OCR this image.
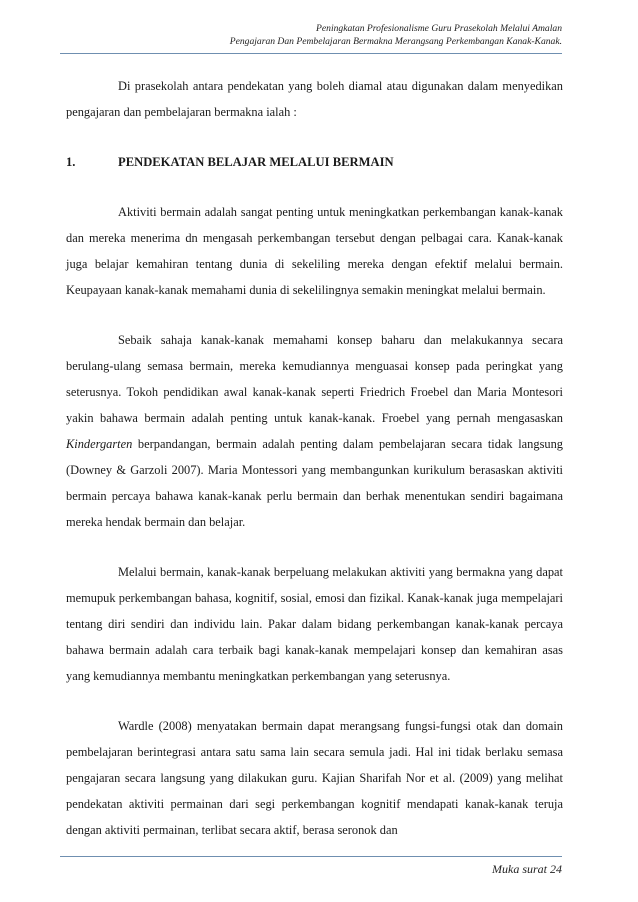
Peningkatan Profesionalisme Guru Prasekolah Melalui Amalan
Pengajaran Dan Pembelajaran Bermakna Merangsang Perkembangan Kanak-Kanak.

Di prasekolah antara pendekatan yang boleh diamal atau digunakan dalam menyedikan pengajaran dan pembelajaran bermakna ialah :

1.	PENDEKATAN BELAJAR MELALUI BERMAIN

Aktiviti bermain adalah sangat penting untuk meningkatkan perkembangan kanak-kanak dan mereka menerima dn mengasah perkembangan tersebut dengan pelbagai cara. Kanak-kanak juga belajar kemahiran tentang dunia di sekeliling mereka dengan efektif melalui bermain. Keupayaan kanak-kanak memahami dunia di sekelilingnya semakin meningkat melalui bermain.

Sebaik sahaja kanak-kanak memahami konsep baharu dan melakukannya secara berulang-ulang semasa bermain, mereka kemudiannya menguasai konsep pada peringkat yang seterusnya. Tokoh pendidikan awal kanak-kanak seperti Friedrich Froebel dan Maria Montesori yakin bahawa bermain adalah penting untuk kanak-kanak. Froebel yang pernah mengasaskan Kindergarten berpandangan, bermain adalah penting dalam pembelajaran secara tidak langsung (Downey & Garzoli 2007). Maria Montessori yang membangunkan kurikulum berasaskan aktiviti bermain percaya bahawa kanak-kanak perlu bermain dan berhak menentukan sendiri bagaimana mereka hendak bermain dan belajar.

Melalui bermain, kanak-kanak berpeluang melakukan aktiviti yang bermakna yang dapat memupuk perkembangan bahasa, kognitif, sosial, emosi dan fizikal. Kanak-kanak juga mempelajari tentang diri sendiri dan individu lain. Pakar dalam bidang perkembangan kanak-kanak percaya bahawa bermain adalah cara terbaik bagi kanak-kanak mempelajari konsep dan kemahiran asas yang kemudiannya membantu meningkatkan perkembangan yang seterusnya.

Wardle (2008) menyatakan bermain dapat merangsang fungsi-fungsi otak dan domain pembelajaran berintegrasi antara satu sama lain secara semula jadi. Hal ini tidak berlaku semasa pengajaran secara langsung yang dilakukan guru. Kajian Sharifah Nor et al. (2009) yang melihat pendekatan aktiviti permainan dari segi perkembangan kognitif mendapati kanak-kanak teruja dengan aktiviti permainan, terlibat secara aktif, berasa seronok dan

Muka surat 24
